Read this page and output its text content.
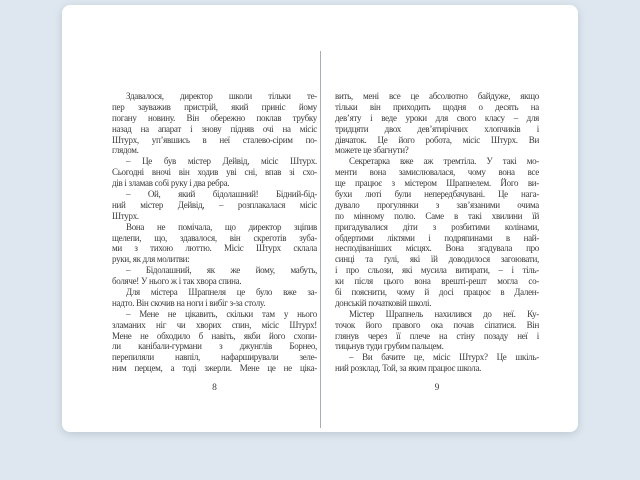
Здавалося, директор школи тільки те-
пер зауважив пристрій, який приніс йому
погану новину. Він обережно поклав трубку
назад на апарат і знову підняв очі на місіс
Штурх, уп’явшись в неї сталево-сірим по-
глядом.
– Це був містер Дейвід, місіс Штурх.
Сьогодні вночі він ходив уві сні, впав зі схо-
дів і зламав собі руку і два ребра.
– Ой, який бідолашний! Бідний-бід-
ний містер Дейвід, – розплакалася місіс
Штурх.
Вона не помічала, що директор зціпив
щелепи, що, здавалося, він скреготів зуба-
ми з тихою люттю. Місіс Штурх склала
руки, як для молитви:
– Бідолашний, як же йому, мабуть,
боляче! У нього ж і так хвора спина.
Для містера Шрапнеля це було вже за-
надто. Він скочив на ноги і вибіг з-за столу.
– Мене не цікавить, скільки там у нього
зламаних ніг чи хворих спин, місіс Штурх!
Мене не обходило б навіть, якби його схопи-
ли канібали-гурмани з джунглів Борнео,
перепиляли навпіл, нафарширували зеле-
ним перцем, а тоді зжерли. Мене це не ціка-
вить, мені все це абсолютно байдуже, якщо
тільки він приходить щодня о десять на
дев’яту і веде уроки для свого класу – для
тридцяти двох дев’ятирічних хлопчиків і
дівчаток. Це його робота, місіс Штурх. Ви
можете це збагнути?
Секретарка вже аж тремтіла. У такі мо-
менти вона замислювалася, чому вона все
ще працює з містером Шрапнелем. Його ви-
бухи люті були непередбачувані. Це нага-
дувало прогулянки з зав’язаними очима
по мінному полю. Саме в такі хвилини їй
пригадувалися діти з розбитими колінами,
обдертими ліктями і подряпинами в най-
несподіваніших місцях. Вона згадувала про
синці та ґулі, які їй доводилося загоювати,
і про сльози, які мусила витирати, – і тіль-
ки після цього вона врешті-решт могла со-
бі пояснити, чому й досі працює в Дален-
донській початковій школі.
Містер Шрапнель нахилився до неї. Ку-
точок його правого ока почав сіпатися. Він
глянув через її плече на стіну позаду неї і
тицьнув туди грубим пальцем.
– Ви бачите це, місіс Штурх? Це шкіль-
ний розклад. Той, за яким працює школа.
8	9
